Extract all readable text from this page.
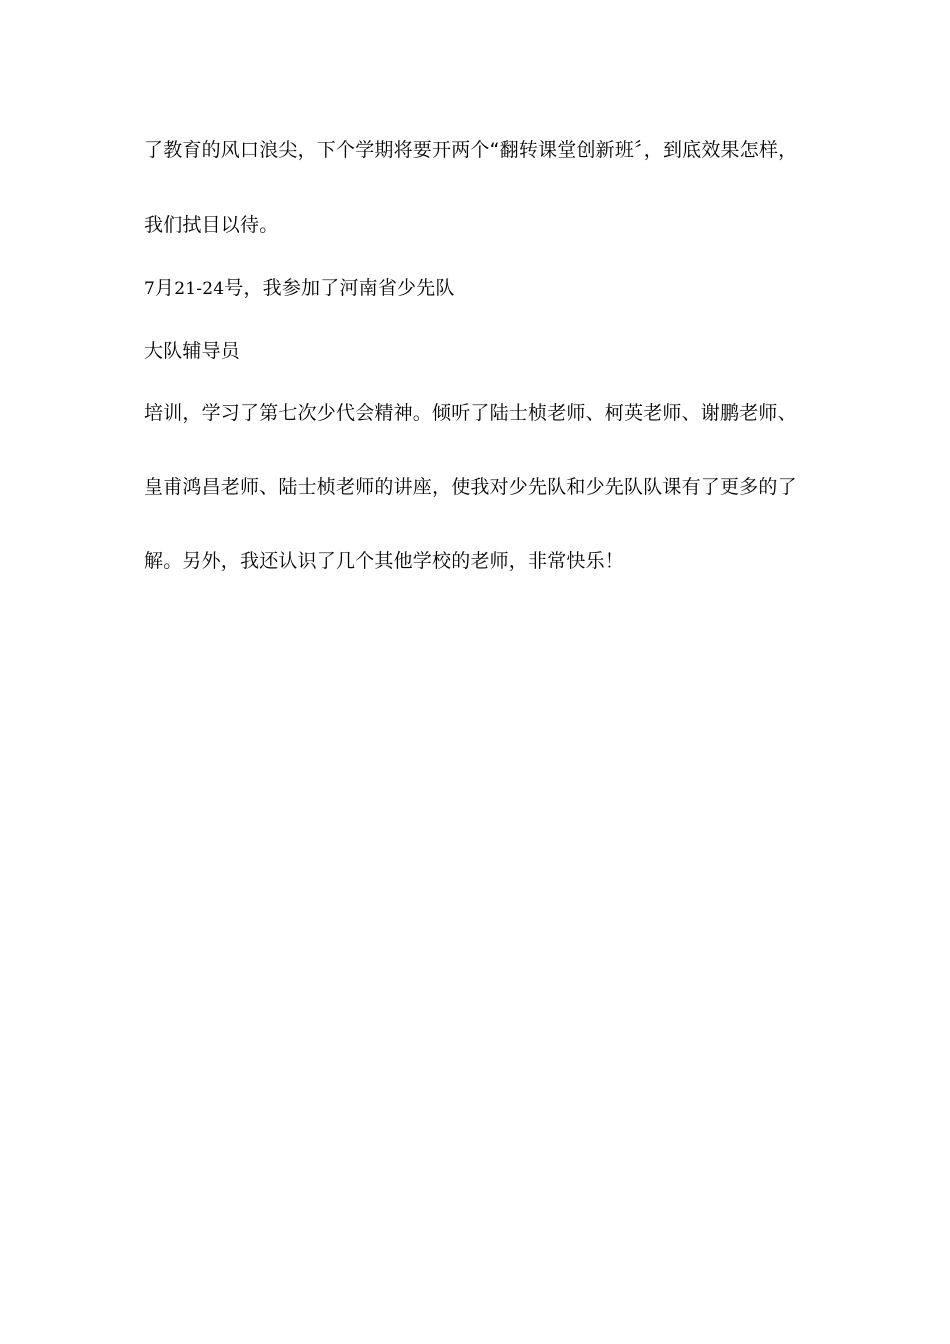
了教育的风口浪尖，下个学期将要开两个“翻转课堂创新班〞，到底效果怎样，
我们拭目以待。
7月21-24号，我参加了河南省少先队
大队辅导员
培训，学习了第七次少代会精神。倾听了陆士桢老师、柯英老师、谢鹏老师、
皇甫鸿昌老师、陆士桢老师的讲座，使我对少先队和少先队队课有了更多的了
解。另外，我还认识了几个其他学校的老师，非常快乐！
